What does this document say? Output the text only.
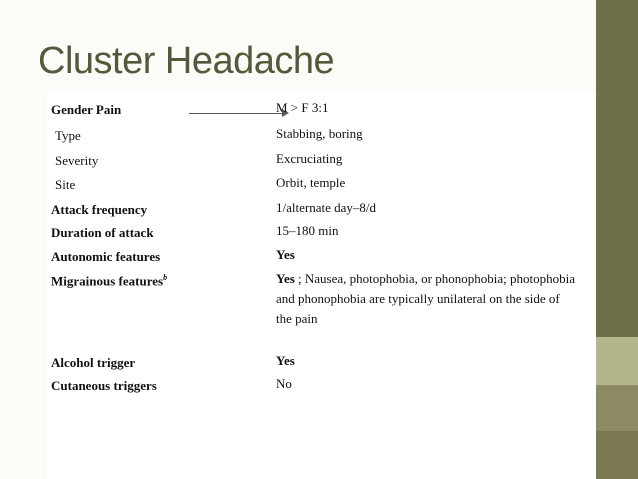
Cluster Headache
Gender Pain	M > F 3:1
Type	Stabbing, boring
Severity	Excruciating
Site	Orbit, temple
Attack frequency	1/alternate day–8/d
Duration of attack	15–180 min
Autonomic features	Yes
Migrainous features$^b$	Yes ; Nausea, photophobia, or phonophobia; photophobia and phonophobia are typically unilateral on the side of the pain
Alcohol trigger	Yes
Cutaneous triggers	No
